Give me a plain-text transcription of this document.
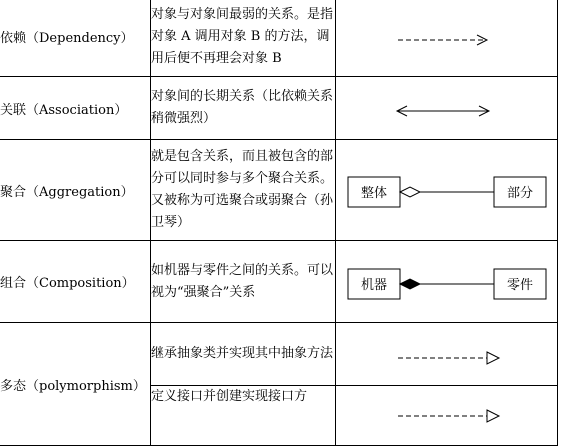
依赖（Dependency）	对象与对象间最弱的关系。是指对象 A 调用对象 B 的方法，调用后便不再理会对象 B	

关联（Association）	对象间的长期关系（比依赖关系稍微强烈）	

聚合（Aggregation）	就是包含关系，而且被包含的部分可以同时参与多个聚合关系。又被称为可选聚合或弱聚合（孙卫琴）	整体 部分

组合（Composition）	如机器与零件之间的关系。可以视为“强聚合”关系	机器 零件

多态（polymorphism）	继承抽象类并实现其中抽象方法	

	定义接口并创建实现接口方	
